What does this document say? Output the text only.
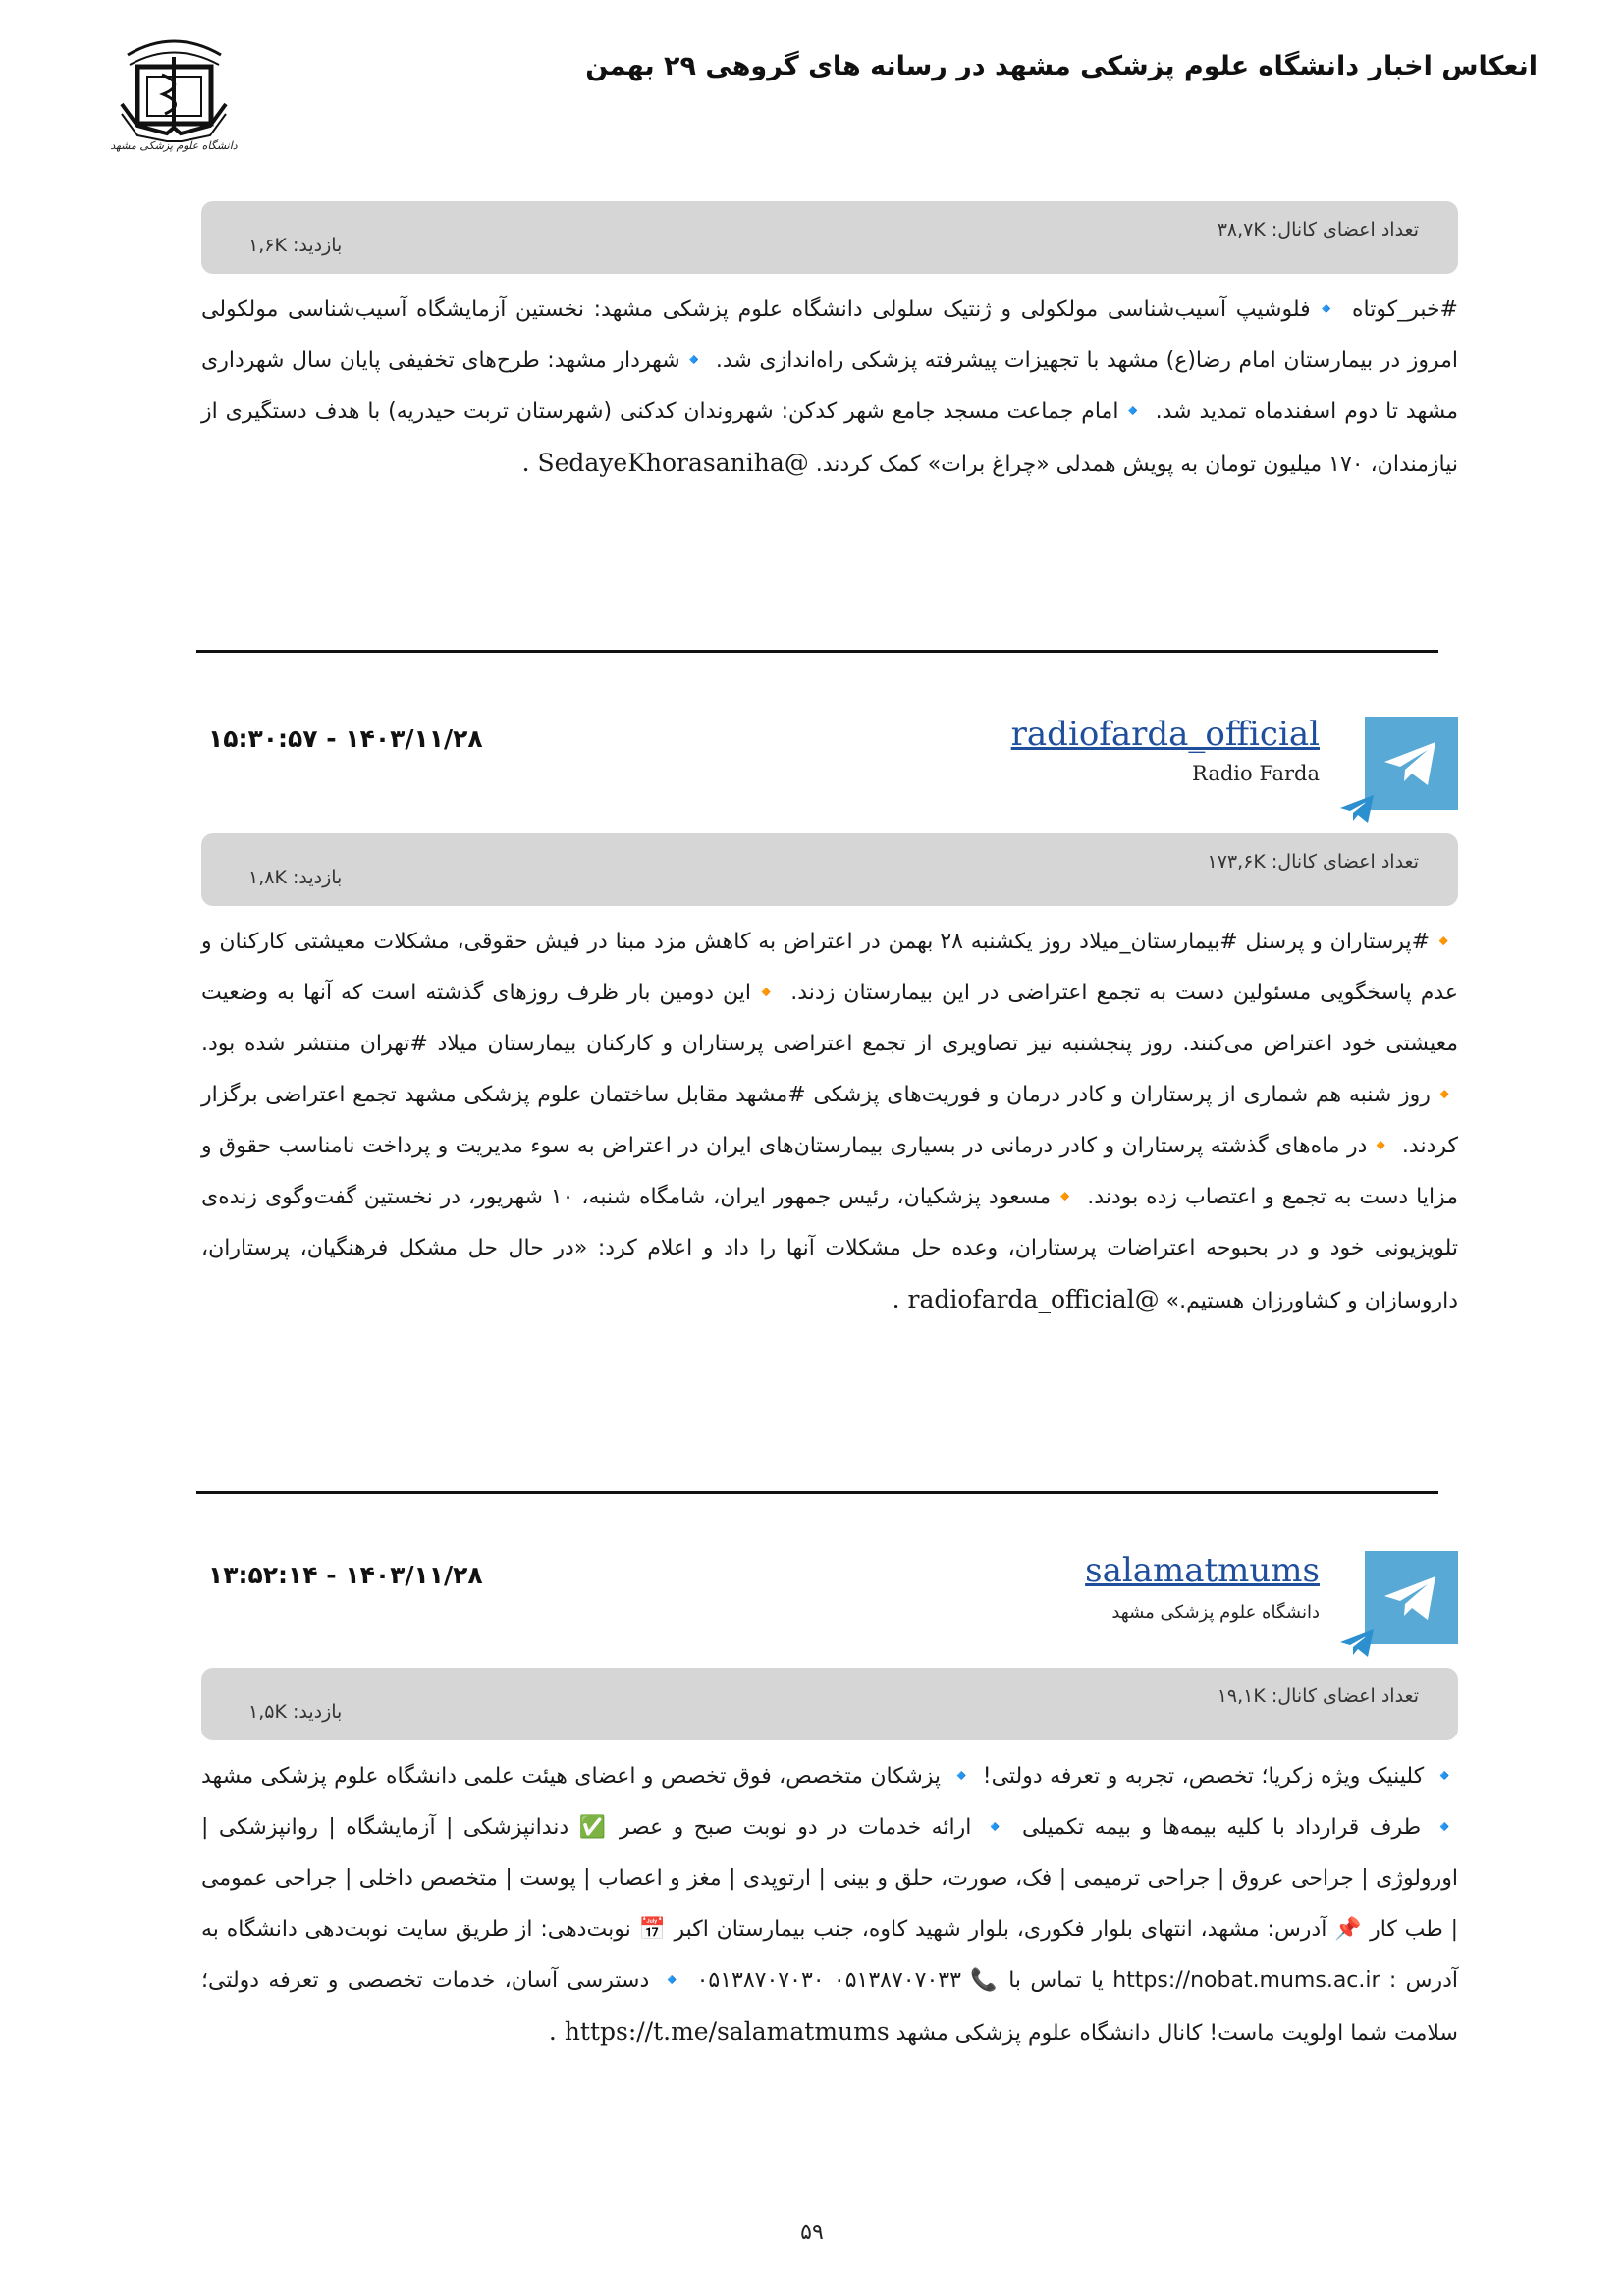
دانشگاه علوم پزشکی مشهد
انعکاس اخبار دانشگاه علوم پزشکی مشهد در رسانه های گروهی ۲۹ بهمن
تعداد اعضای کانال: ۳۸,۷K
بازدید: ۱,۶K
#خبر_کوتاه 🔹فلوشیپ آسیب‌شناسی مولکولی و ژنتیک سلولی دانشگاه علوم پزشکی مشهد: نخستین آزمایشگاه آسیب‌شناسی مولکولی امروز در بیمارستان امام رضا(ع) مشهد با تجهیزات پیشرفته پزشکی راه‌اندازی شد. 🔹شهردار مشهد: طرح‌های تخفیفی پایان سال شهرداری مشهد تا دوم اسفندماه تمدید شد. 🔹امام جماعت مسجد جامع شهر کدکن: شهروندان کدکنی (شهرستان تربت حیدریه) با هدف دستگیری از نیازمندان، ۱۷۰ میلیون تومان به پویش همدلی «چراغ برات» کمک کردند. @SedayeKhorasaniha .
radiofarda_official
Radio Farda
۱۵:۳۰:۵۷ - ۱۴۰۳/۱۱/۲۸
تعداد اعضای کانال: ۱۷۳,۶K
بازدید: ۱,۸K
🔸#پرستاران و پرسنل #بیمارستان_میلاد روز یکشنبه ۲۸ بهمن در اعتراض به کاهش مزد مبنا در فیش حقوقی، مشکلات معیشتی کارکنان و عدم پاسخگویی مسئولین دست به تجمع اعتراضی در این بیمارستان زدند. 🔸این دومین بار ظرف روزهای گذشته است که آنها به وضعیت معیشتی خود اعتراض می‌کنند. روز پنجشنبه نیز تصاویری از تجمع اعتراضی پرستاران و کارکنان بیمارستان میلاد #تهران منتشر شده بود. 🔸روز شنبه هم شماری از پرستاران و کادر درمان و فوریت‌های پزشکی #مشهد مقابل ساختمان علوم پزشکی مشهد تجمع اعتراضی برگزار کردند. 🔸در ماه‌های گذشته پرستاران و کادر درمانی در بسیاری بیمارستان‌های ایران در اعتراض به سوء مدیریت و پرداخت نامناسب حقوق و مزایا دست به تجمع و اعتصاب زده بودند. 🔸مسعود پزشکیان، رئیس جمهور ایران، شامگاه شنبه، ۱۰ شهریور، در نخستین گفت‌وگوی زنده‌ی تلویزیونی خود و در بحبوحه اعتراضات پرستاران، وعده حل مشکلات آنها را داد و اعلام کرد: «در حال حل مشکل فرهنگیان، پرستاران، داروسازان و کشاورزان هستیم.» @radiofarda_official .
salamatmums
دانشگاه علوم پزشکی مشهد
۱۳:۵۲:۱۴ - ۱۴۰۳/۱۱/۲۸
تعداد اعضای کانال: ۱۹,۱K
بازدید: ۱,۵K
🔹 کلینیک ویژه زکریا؛ تخصص، تجربه و تعرفه دولتی! 🔹 پزشکان متخصص، فوق تخصص و اعضای هیئت علمی دانشگاه علوم پزشکی مشهد 🔹 طرف قرارداد با کلیه بیمه‌ها و بیمه تکمیلی 🔹 ارائه خدمات در دو نوبت صبح و عصر ✅ دندانپزشکی | آزمایشگاه | روانپزشکی | اورولوژی | جراحی عروق | جراحی ترمیمی | فک، صورت، حلق و بینی | ارتوپدی | مغز و اعصاب | پوست | متخصص داخلی | جراحی عمومی | طب کار 📌 آدرس: مشهد، انتهای بلوار فکوری، بلوار شهید کاوه، جنب بیمارستان اکبر 📅 نوبت‌دهی: از طریق سایت نوبت‌دهی دانشگاه به آدرس : https://nobat.mums.ac.ir یا تماس با 📞 ۰۵۱۳۸۷۰۷۰۳۳ ۰۵۱۳۸۷۰۷۰۳۰ 🔹 دسترسی آسان، خدمات تخصصی و تعرفه دولتی؛ سلامت شما اولویت ماست! کانال دانشگاه علوم پزشکی مشهد https://t.me/salamatmums .
۵۹
